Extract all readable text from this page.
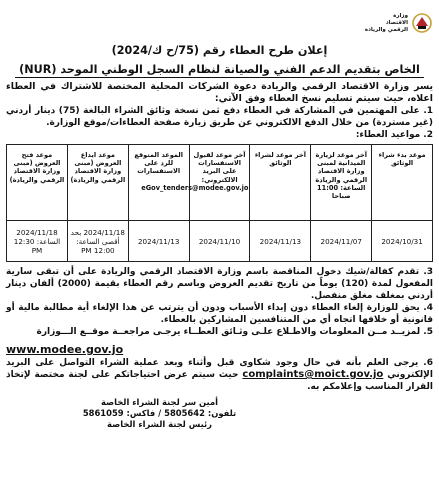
وزارة
الاقتصاد
الرقمي والريادة
إعلان طرح العطاء رقم (75/ح ك/2024)
الخاص بتقديم الدعم الفني والصيانة لنظام السجل الوطني الموحد (NUR)

يسر وزارة الاقتصاد الرقمي والريادة دعوة الشركات المحلية المختصة للاشتراك في العطاء اعلاه، حيث سيتم تسليم نسخ العطاء وفق الآتي:

1. على المهتمين في المشاركة في العطاء دفع ثمن نسخة وثائق الشراء البالغة (75) دينار أردني (غير مستردة) من خلال الدفع الالكتروني عن طريق زيارة صفحة العطاءات/موقع الوزارة.

2. مواعيد العطاء:

موعد بدء شراء الوثائق	آخر موعد لزيارة الميدانية لمبنى وزارة الاقتصاد الرقمي والريادة الساعة: 11:00 صباحا	آخر موعد لشراء الوثائق	آخر موعد لقبول الاستفسارات على البريد الالكتروني: eGov_tenders@modee.gov.jo	الموعد المتوقع للرد على الاستفسارات	موعد ايداع العروض (مبنى وزارة الاقتصاد الرقمي والريادة)	موعد فتح العروض (مبنى وزارة الاقتصاد الرقمي والريادة)
2024/10/31	2024/11/07	2024/11/13	2024/11/10	2024/11/13	2024/11/18 بحد أقصى الساعة: 12:00 PM	2024/11/18 الساعة: 12:30 PM

3. تقدم كفالة/شيك دخول المناقصة باسم وزارة الاقتصاد الرقمي والريادة على أن تبقى سارية المفعول لمدة (120) يوماً من تاريخ تقديم العروض وباسم رقم العطاء بقيمة (2000) ألفان دينار أردني بمغلف مغلق منفصل.

4. يحق للوزارة إلغاء العطاء دون إبداء الأسباب ودون أن يترتب عن هذا الإلغاء أية مطالبة مالية أو قانونية أو خلافها اتجاه أي من المتنافسين المشاركين بالعطاء.

5. لمزيــد مــن المعلومات والاطـلاع علـى وثـائق العطــاء يرجـى مراجعــة موقــع الـــوزارة

www.modee.gov.jo

6. يرجى العلم بأنه في حال وجود شكاوى قبل وأثناء وبعد عملية الشراء التواصل على البريد الإلكتروني complaints@moict.gov.jo حيث سيتم عرض احتياجاتكم على لجنة مختصة لإتخاذ القرار المناسب وإعلامكم به.

أمين سر لجنة الشراء الخاصة
تلفون: 5805642 / فاكس: 5861059
رئيس لجنة الشراء الخاصة
